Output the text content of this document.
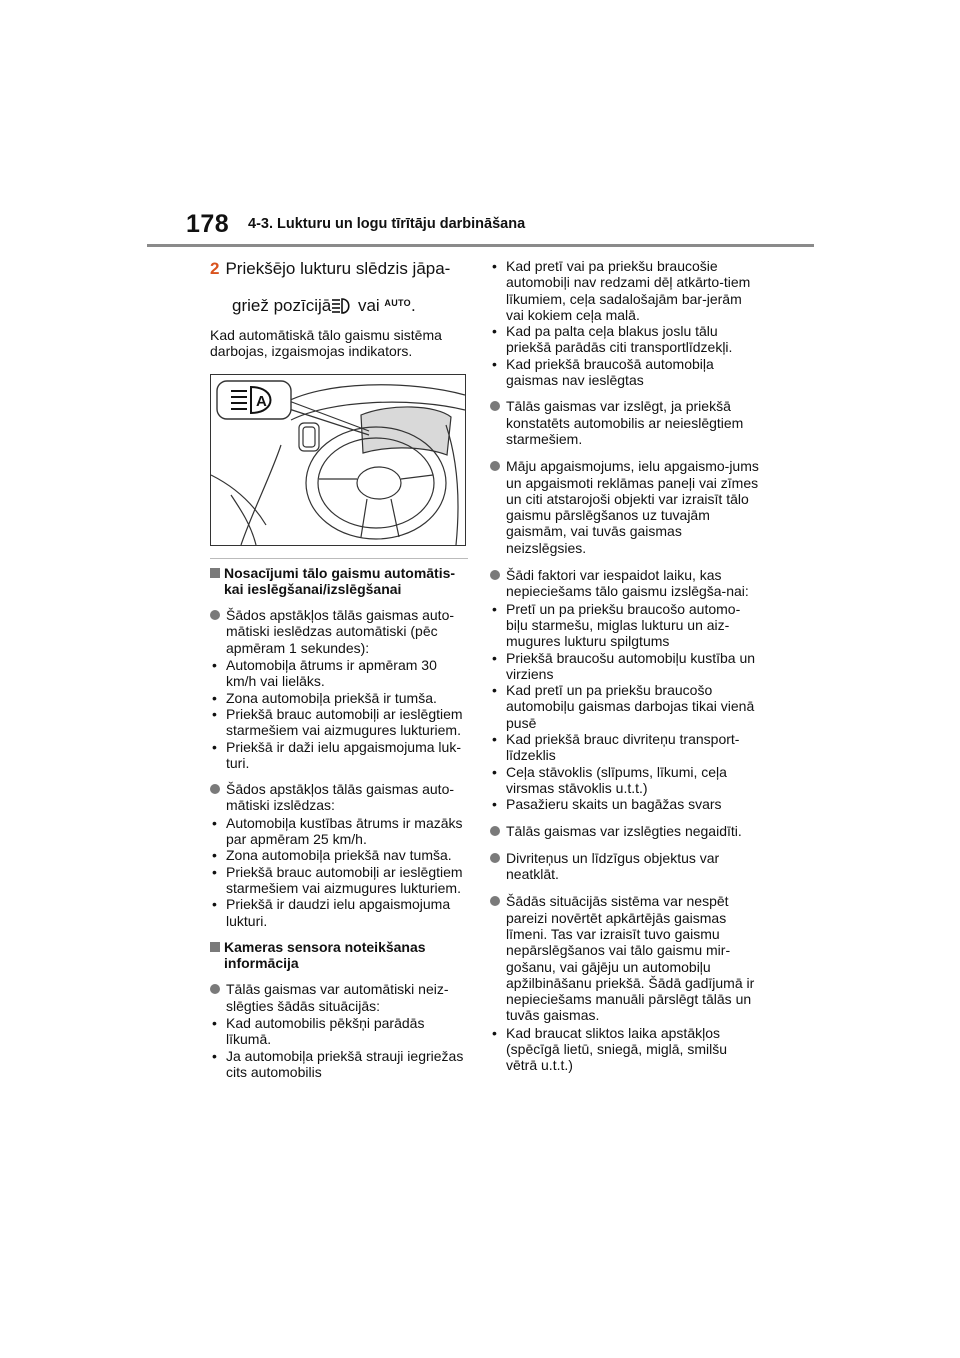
178 4-3. Lukturu un logu tīrītāju darbināšana
2 Priekšējo lukturu slēdzis jāpa-
griež pozīcijā vai $^{AUTO}$.

Kad automātiskā tālo gaismu sistēma darbojas, izgaismojas indikators.

A
Nosacījumi tālo gaismu automātis-kai ieslēgšanai/izslēgšanai
Šādos apstākļos tālās gaismas auto-mātiski ieslēdzas automātiski (pēc apmēram 1 sekundes):
• Automobiļa ātrums ir apmēram 30 km/h vai lielāks.
• Zona automobiļa priekšā ir tumša.
• Priekšā brauc automobiļi ar ieslēgtiem starmešiem vai aizmugures lukturiem.
• Priekšā ir daži ielu apgaismojuma luk-turi.
Šādos apstākļos tālās gaismas auto-mātiski izslēdzas:
• Automobiļa kustības ātrums ir mazāks par apmēram 25 km/h.
• Zona automobiļa priekšā nav tumša.
• Priekšā brauc automobiļi ar ieslēgtiem starmešiem vai aizmugures lukturiem.
• Priekšā ir daudzi ielu apgaismojuma lukturi.
Kameras sensora noteikšanas informācija
Tālās gaismas var automātiski neiz-slēgties šādās situācijās:
• Kad automobilis pēkšņi parādās līkumā.
• Ja automobiļa priekšā strauji iegriežas cits automobilis
• Kad pretī vai pa priekšu braucošie automobiļi nav redzami dēļ atkārto-tiem līkumiem, ceļa sadalošajām bar-jerām vai kokiem ceļa malā.
• Kad pa palta ceļa blakus joslu tālu priekšā parādās citi transportlīdzekļi.
• Kad priekšā braucošā automobiļa gaismas nav ieslēgtas
Tālās gaismas var izslēgt, ja priekšā konstatēts automobilis ar neieslēgtiem starmešiem.
Māju apgaismojums, ielu apgaismo-jums un apgaismoti reklāmas paneļi vai zīmes un citi atstarojoši objekti var izraisīt tālo gaismu pārslēgšanos uz tuvajām gaismām, vai tuvās gaismas neizslēgsies.
Šādi faktori var iespaidot laiku, kas nepieciešams tālo gaismu izslēgša-nai:
• Pretī un pa priekšu braucošo automo-biļu starmešu, miglas lukturu un aiz-mugures lukturu spilgtums
• Priekšā braucošu automobiļu kustība un virziens
• Kad pretī un pa priekšu braucošo automobiļu gaismas darbojas tikai vienā pusē
• Kad priekšā brauc divriteņu transport-līdzeklis
• Ceļa stāvoklis (slīpums, līkumi, ceļa virsmas stāvoklis u.t.t.)
• Pasažieru skaits un bagāžas svars
Tālās gaismas var izslēgties negaidīti.
Divriteņus un līdzīgus objektus var neatklāt.
Šādās situācijās sistēma var nespēt pareizi novērtēt apkārtējās gaismas līmeni. Tas var izraisīt tuvo gaismu nepārslēgšanos vai tālo gaismu mir-gošanu, vai gājēju un automobiļu apžilbināšanu priekšā. Šādā gadījumā ir nepieciešams manuāli pārslēgt tālās un tuvās gaismas.
• Kad braucat sliktos laika apstākļos (spēcīgā lietū, sniegā, miglā, smilšu vētrā u.t.t.)
